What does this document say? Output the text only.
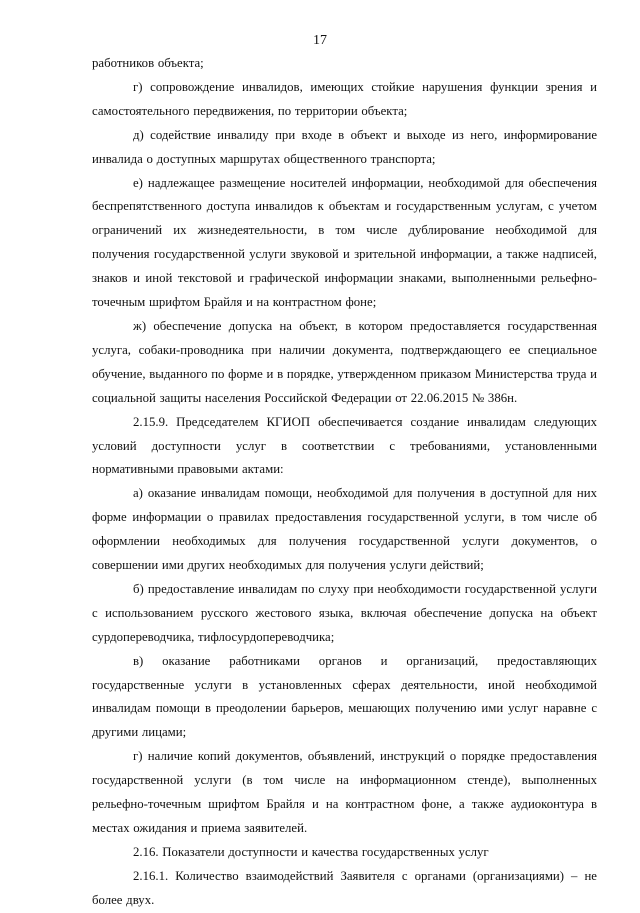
17

работников объекта;

г) сопровождение инвалидов, имеющих стойкие нарушения функции зрения и самостоятельного передвижения, по территории объекта;

д) содействие инвалиду при входе в объект и выходе из него, информирование инвалида о доступных маршрутах общественного транспорта;

е) надлежащее размещение носителей информации, необходимой для обеспечения беспрепятственного доступа инвалидов к объектам и государственным услугам, с учетом ограничений их жизнедеятельности, в том числе дублирование необходимой для получения государственной услуги звуковой и зрительной информации, а также надписей, знаков и иной текстовой и графической информации знаками, выполненными рельефно-точечным шрифтом Брайля и на контрастном фоне;

ж) обеспечение допуска на объект, в котором предоставляется государственная услуга, собаки-проводника при наличии документа, подтверждающего ее специальное обучение, выданного по форме и в порядке, утвержденном приказом Министерства труда и социальной защиты населения Российской Федерации от 22.06.2015 № 386н.

2.15.9. Председателем КГИОП обеспечивается создание инвалидам следующих условий доступности услуг в соответствии с требованиями, установленными нормативными правовыми актами:

а) оказание инвалидам помощи, необходимой для получения в доступной для них форме информации о правилах предоставления государственной услуги, в том числе об оформлении необходимых для получения государственной услуги документов, о совершении ими других необходимых для получения услуги действий;

б) предоставление инвалидам по слуху при необходимости государственной услуги с использованием русского жестового языка, включая обеспечение допуска на объект сурдопереводчика, тифлосурдопереводчика;

в) оказание работниками органов и организаций, предоставляющих государственные услуги в установленных сферах деятельности, иной необходимой инвалидам помощи в преодолении барьеров, мешающих получению ими услуг наравне с другими лицами;

г) наличие копий документов, объявлений, инструкций о порядке предоставления государственной услуги (в том числе на информационном стенде), выполненных рельефно-точечным шрифтом Брайля и на контрастном фоне, а также аудиоконтура в местах ожидания и приема заявителей.

2.16. Показатели доступности и качества государственных услуг

2.16.1. Количество взаимодействий Заявителя с органами (организациями) – не более двух.
